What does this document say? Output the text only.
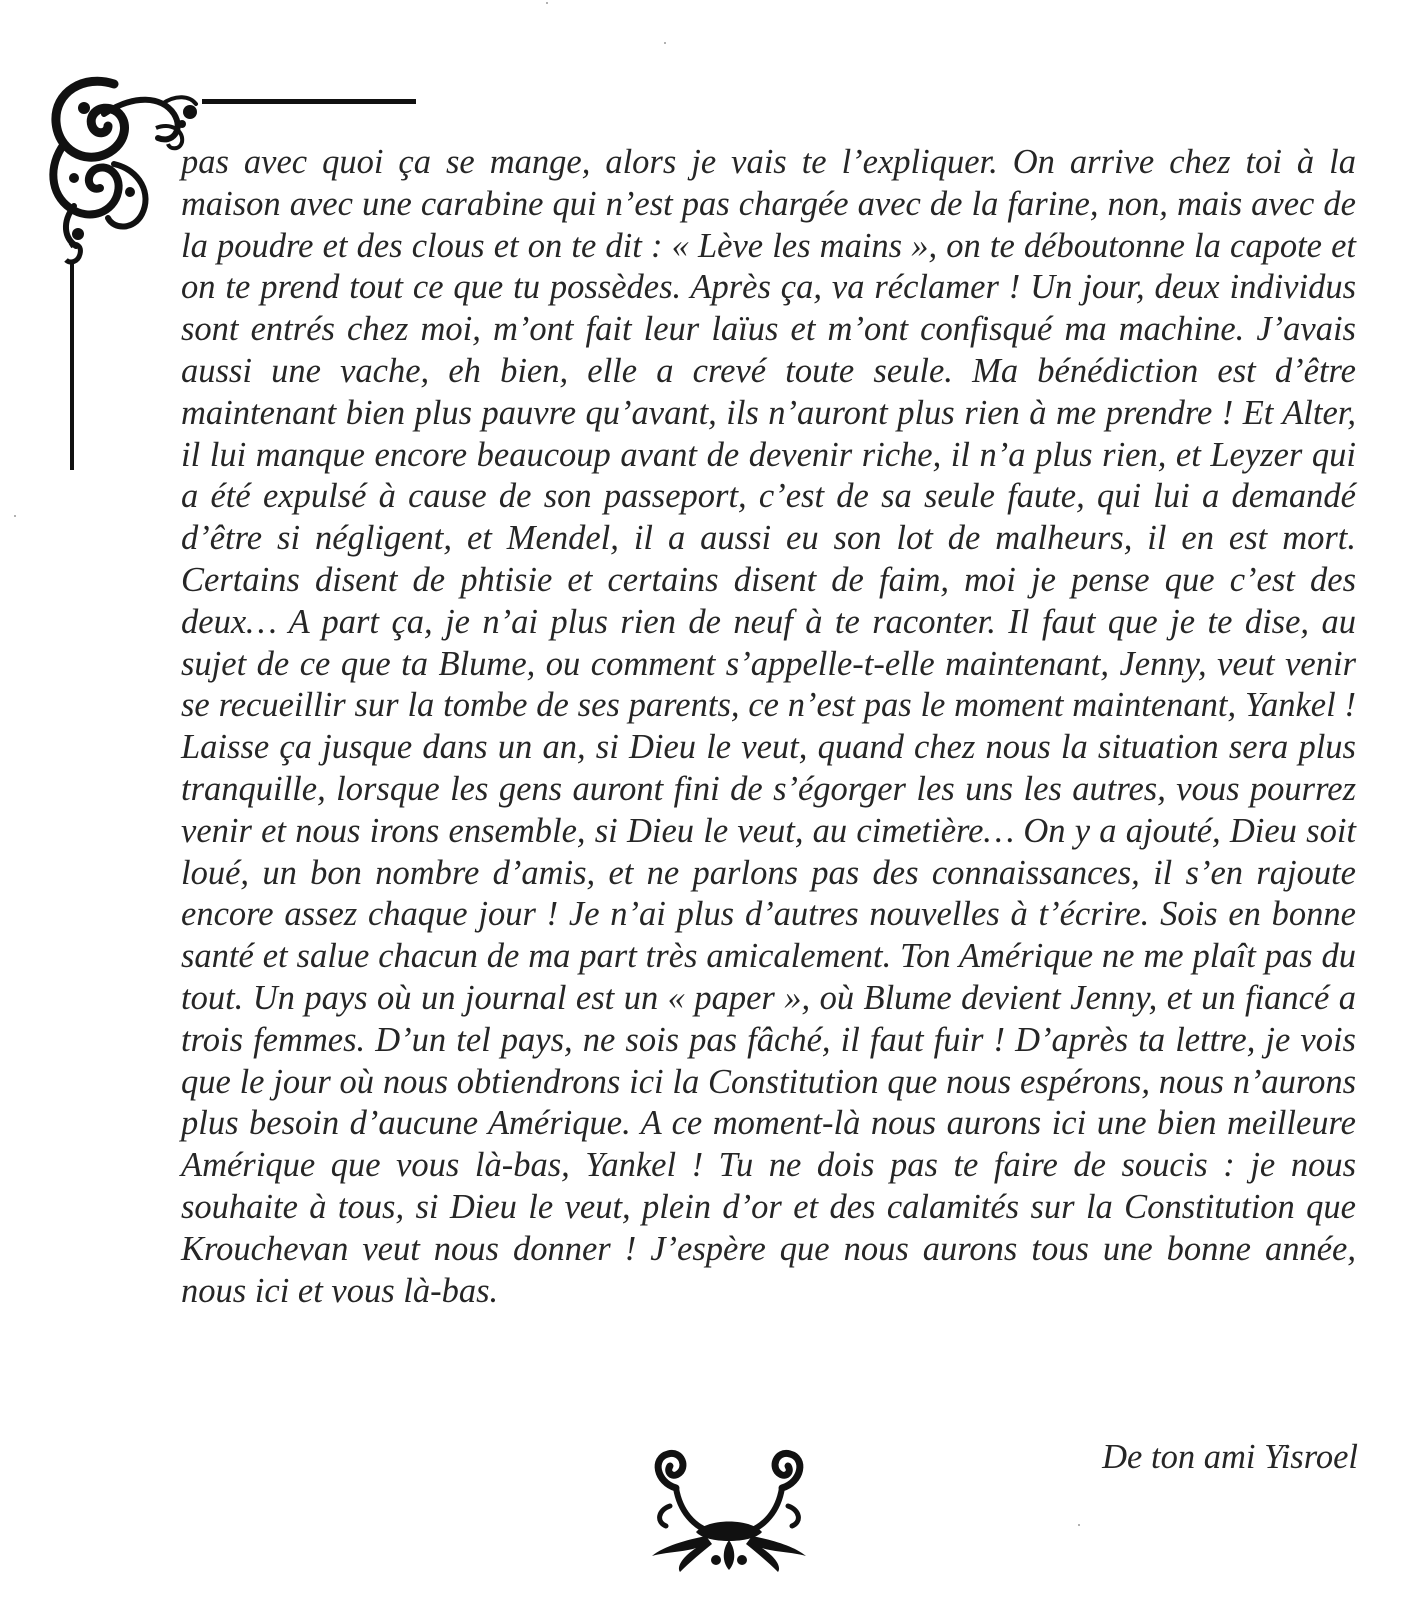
pas avec quoi ça se mange, alors je vais te l’expliquer. On arrive chez toi à la maison avec une carabine qui n’est pas chargée avec de la farine, non, mais avec de la poudre et des clous et on te dit : « Lève les mains », on te déboutonne la capote et on te prend tout ce que tu possèdes. Après ça, va réclamer ! Un jour, deux individus sont entrés chez moi, m’ont fait leur laïus et m’ont confisqué ma machine. J’avais aussi une vache, eh bien, elle a crevé toute seule. Ma bénédiction est d’être maintenant bien plus pauvre qu’avant, ils n’auront plus rien à me prendre ! Et Alter, il lui manque encore beaucoup avant de devenir riche, il n’a plus rien, et Leyzer qui a été expulsé à cause de son passeport, c’est de sa seule faute, qui lui a demandé d’être si négligent, et Mendel, il a aussi eu son lot de malheurs, il en est mort. Certains disent de phtisie et certains disent de faim, moi je pense que c’est des deux… A part ça, je n’ai plus rien de neuf à te raconter. Il faut que je te dise, au sujet de ce que ta Blume, ou comment s’appelle-t-elle maintenant, Jenny, veut venir se recueillir sur la tombe de ses parents, ce n’est pas le moment maintenant, Yankel ! Laisse ça jusque dans un an, si Dieu le veut, quand chez nous la situation sera plus tranquille, lorsque les gens auront fini de s’égorger les uns les autres, vous pourrez venir et nous irons ensemble, si Dieu le veut, au cimetière… On y a ajouté, Dieu soit loué, un bon nombre d’amis, et ne parlons pas des connaissances, il s’en rajoute encore assez chaque jour ! Je n’ai plus d’autres nouvelles à t’écrire. Sois en bonne santé et salue chacun de ma part très amicalement. Ton Amérique ne me plaît pas du tout. Un pays où un journal est un « paper », où Blume devient Jenny, et un fiancé a trois femmes. D’un tel pays, ne sois pas fâché, il faut fuir ! D’après ta lettre, je vois que le jour où nous obtiendrons ici la Constitution que nous espérons, nous n’aurons plus besoin d’aucune Amérique. A ce moment-là nous aurons ici une bien meilleure Amérique que vous là-bas, Yankel ! Tu ne dois pas te faire de soucis : je nous souhaite à tous, si Dieu le veut, plein d’or et des calamités sur la Constitution que Krouchevan veut nous donner ! J’espère que nous aurons tous une bonne année, nous ici et vous là-bas.

De ton ami Yisroel
